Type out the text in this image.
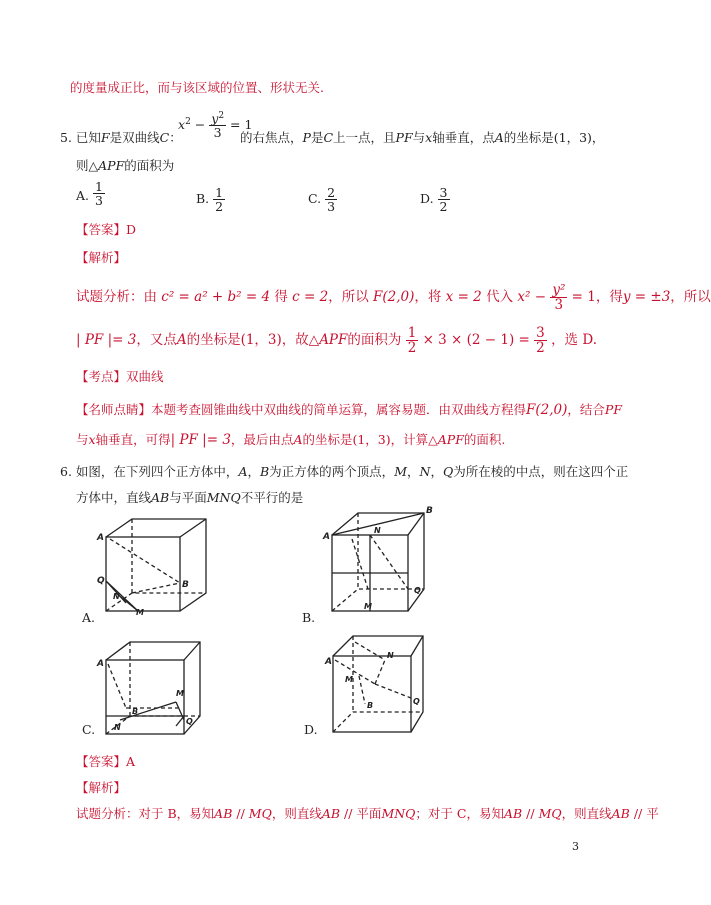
的度量成正比，而与该区域的位置、形状无关.
5. 已知F是双曲线C：
$x^2 - \frac{y^2}{3} = 1$
的右焦点，P是C上一点，且PF与x轴垂直，点A的坐标是(1，3)，
则△APF的面积为
A. $\frac{1}{3}$	B. $\frac{1}{2}$	C. $\frac{2}{3}$	D. $\frac{3}{2}$
【答案】D
【解析】
试题分析：由 c² = a² + b² = 4 得 c = 2，所以 F(2,0)，将 x = 2 代入 $x^2 - \frac{\text{y²}}{3} = 1$，得y = ±3，所以
| PF |= 3，又点A的坐标是(1，3)，故△APF的面积为 $\frac{1}{2} \times 3 \times (2 - 1) = \frac{3}{2}$ ，选 D.
【考点】双曲线
【名师点睛】本题考查圆锥曲线中双曲线的简单运算，属容易题．由双曲线方程得F(2,0)，结合PF
与x轴垂直，可得| PF |= 3，最后由点A的坐标是(1，3)，计算△APF的面积.
6. 如图，在下列四个正方体中，A，B为正方体的两个顶点，M，N，Q为所在棱的中点，则在这四个正
方体中，直线AB与平面MNQ不平行的是
A
B
Q
N
M
A.
A
B
N
Q
M
B.
A
B
M
Q
N
C.
A
N
M
B	Q
D.
【答案】A
【解析】
试题分析：对于 B，易知AB // MQ，则直线AB // 平面MNQ；对于 C，易知AB // MQ，则直线AB // 平
3
